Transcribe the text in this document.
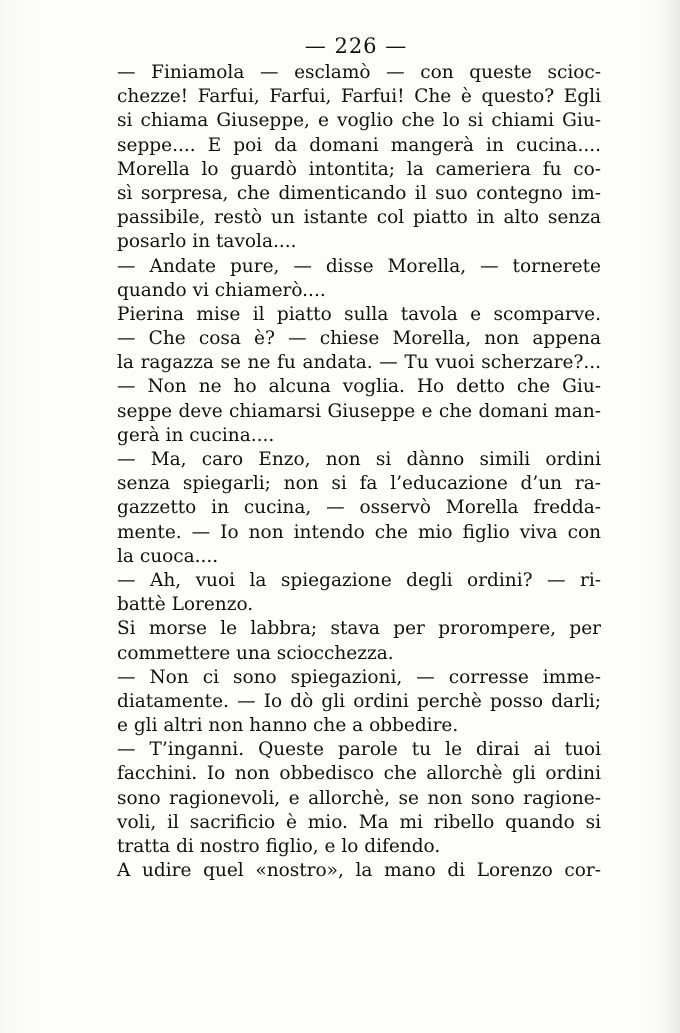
— 226 —
— Finiamola — esclamò — con queste scioc-
chezze! Farfui, Farfui, Farfui! Che è questo? Egli
si chiama Giuseppe, e voglio che lo si chiami Giu-
seppe.... E poi da domani mangerà in cucina....
Morella lo guardò intontita; la cameriera fu co-
sì sorpresa, che dimenticando il suo contegno im-
passibile, restò un istante col piatto in alto senza
posarlo in tavola....
— Andate pure, — disse Morella, — tornerete
quando vi chiamerò....
Pierina mise il piatto sulla tavola e scomparve.
— Che cosa è? — chiese Morella, non appena
la ragazza se ne fu andata. — Tu vuoi scherzare?...
— Non ne ho alcuna voglia. Ho detto che Giu-
seppe deve chiamarsi Giuseppe e che domani man-
gerà in cucina....
— Ma, caro Enzo, non si dànno simili ordini
senza spiegarli; non si fa l’educazione d’un ra-
gazzetto in cucina, — osservò Morella fredda-
mente. — Io non intendo che mio figlio viva con
la cuoca....
— Ah, vuoi la spiegazione degli ordini? — ri-
battè Lorenzo.
Si morse le labbra; stava per prorompere, per
commettere una sciocchezza.
— Non ci sono spiegazioni, — corresse imme-
diatamente. — Io dò gli ordini perchè posso darli;
e gli altri non hanno che a obbedire.
— T’inganni. Queste parole tu le dirai ai tuoi
facchini. Io non obbedisco che allorchè gli ordini
sono ragionevoli, e allorchè, se non sono ragione-
voli, il sacrificio è mio. Ma mi ribello quando si
tratta di nostro figlio, e lo difendo.
A udire quel «nostro», la mano di Lorenzo cor-
